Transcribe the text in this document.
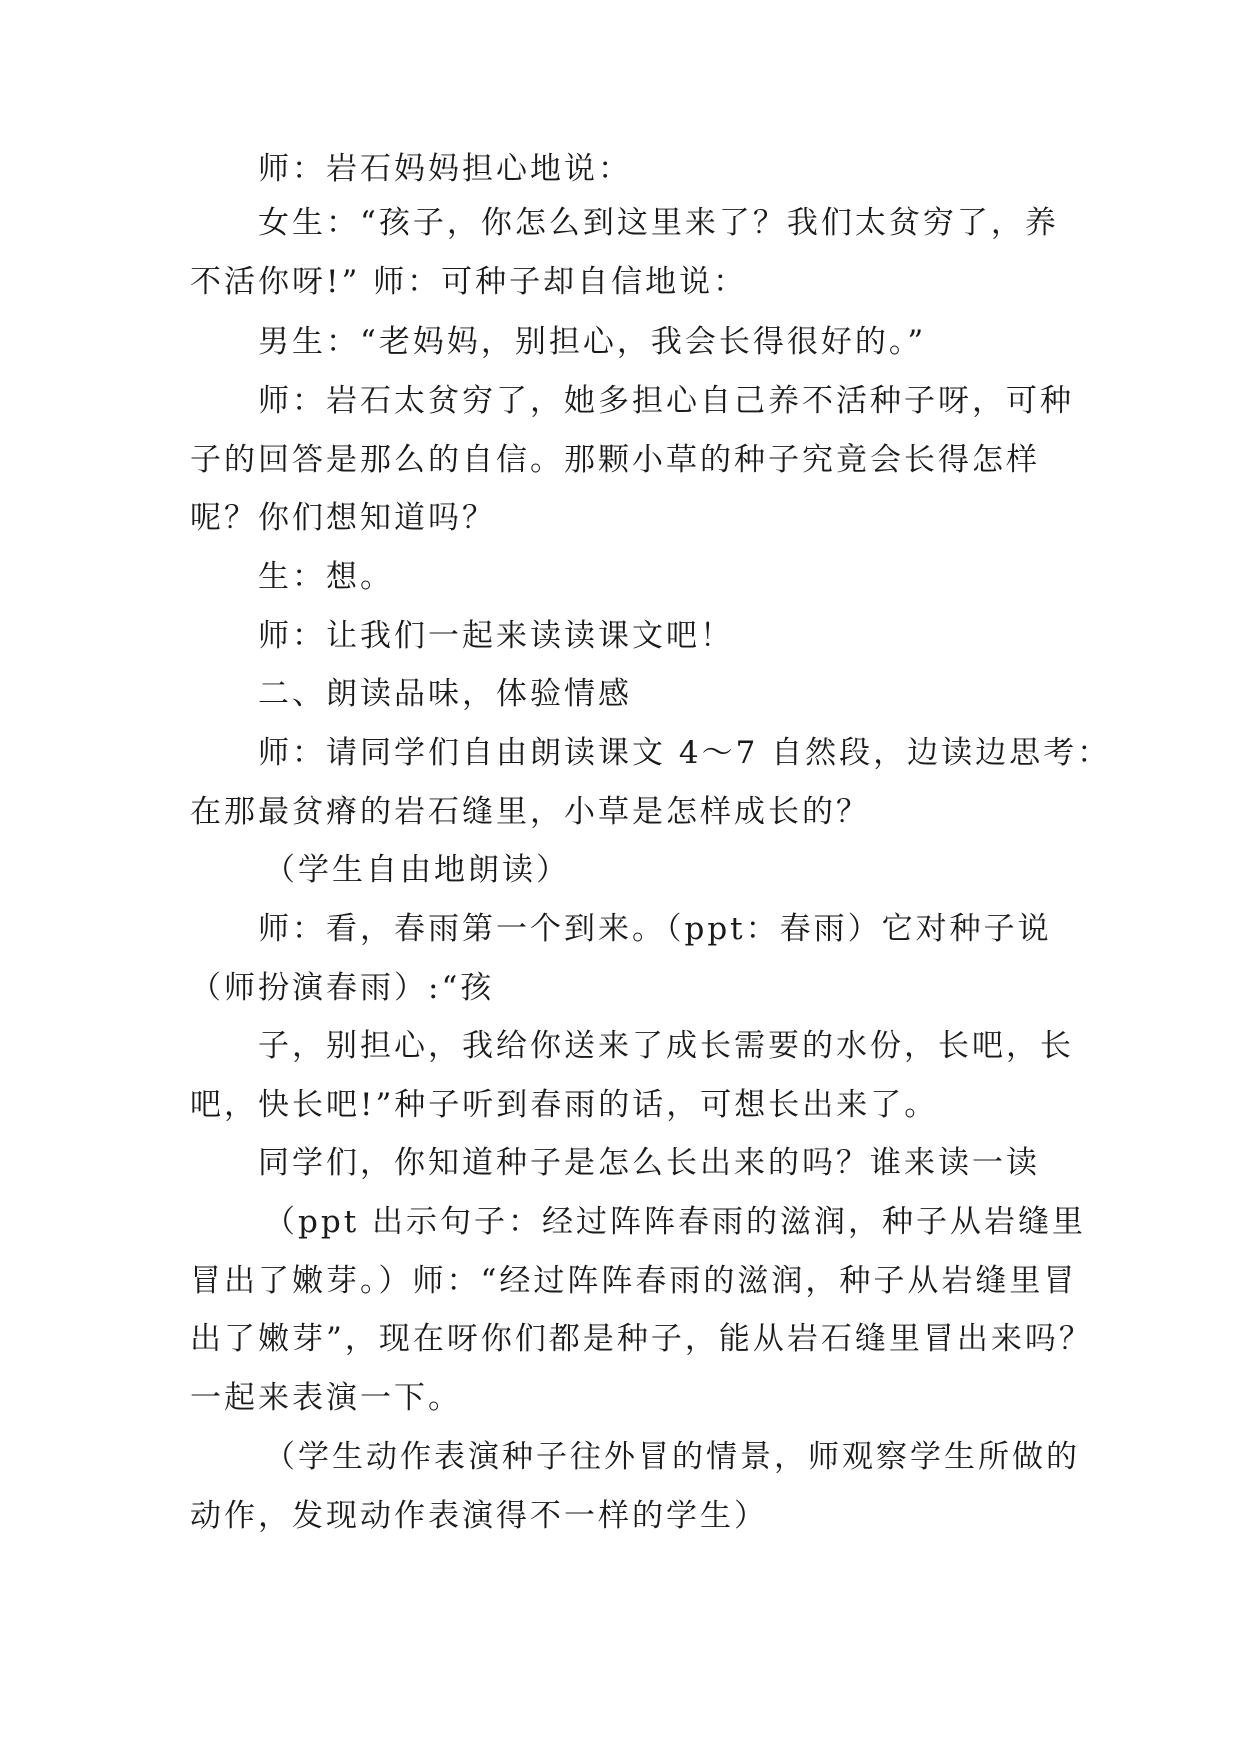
师：岩石妈妈担心地说：

女生：“孩子，你怎么到这里来了？我们太贫穷了，养
不活你呀!” 师：可种子却自信地说：

男生：“老妈妈，别担心，我会长得很好的。”

师：岩石太贫穷了，她多担心自己养不活种子呀，可种
子的回答是那么的自信。那颗小草的种子究竟会长得怎样
呢？你们想知道吗？

生：想。

师：让我们一起来读读课文吧！

二、朗读品味，体验情感

师：请同学们自由朗读课文 4～7 自然段，边读边思考：
在那最贫瘠的岩石缝里，小草是怎样成长的？

（学生自由地朗读）

师：看，春雨第一个到来。（ppt：春雨）它对种子说
（师扮演春雨）:“孩

子，别担心，我给你送来了成长需要的水份，长吧，长
吧，快长吧!”种子听到春雨的话，可想长出来了。

同学们，你知道种子是怎么长出来的吗？谁来读一读

（ppt 出示句子：经过阵阵春雨的滋润，种子从岩缝里
冒出了嫩芽。）师：“经过阵阵春雨的滋润，种子从岩缝里冒
出了嫩芽”，现在呀你们都是种子，能从岩石缝里冒出来吗？
一起来表演一下。

（学生动作表演种子往外冒的情景，师观察学生所做的
动作，发现动作表演得不一样的学生）
